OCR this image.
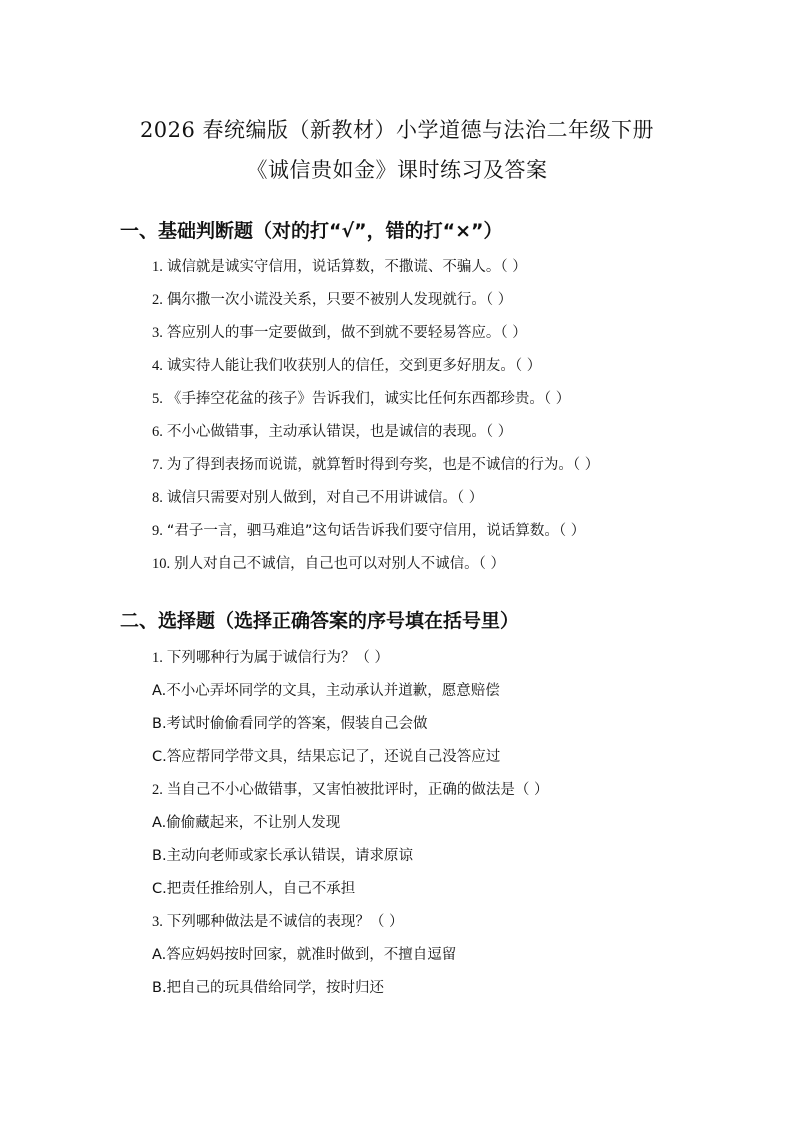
2026 春统编版（新教材）小学道德与法治二年级下册
《诚信贵如金》课时练习及答案
一、基础判断题（对的打“√”，错的打“×”）
1. 诚信就是诚实守信用，说话算数，不撒谎、不骗人。（ ）
2. 偶尔撒一次小谎没关系，只要不被别人发现就行。（ ）
3. 答应别人的事一定要做到，做不到就不要轻易答应。（ ）
4. 诚实待人能让我们收获别人的信任，交到更多好朋友。（ ）
5. 《手捧空花盆的孩子》告诉我们，诚实比任何东西都珍贵。（ ）
6. 不小心做错事，主动承认错误，也是诚信的表现。（ ）
7. 为了得到表扬而说谎，就算暂时得到夸奖，也是不诚信的行为。（ ）
8. 诚信只需要对别人做到，对自己不用讲诚信。（ ）
9. “君子一言，驷马难追”这句话告诉我们要守信用，说话算数。（ ）
10. 别人对自己不诚信，自己也可以对别人不诚信。（ ）
二、选择题（选择正确答案的序号填在括号里）
1. 下列哪种行为属于诚信行为？（ ）
A.不小心弄坏同学的文具，主动承认并道歉，愿意赔偿
B.考试时偷偷看同学的答案，假装自己会做
C.答应帮同学带文具，结果忘记了，还说自己没答应过
2. 当自己不小心做错事，又害怕被批评时，正确的做法是（ ）
A.偷偷藏起来，不让别人发现
B.主动向老师或家长承认错误，请求原谅
C.把责任推给别人，自己不承担
3. 下列哪种做法是不诚信的表现？（ ）
A.答应妈妈按时回家，就准时做到，不擅自逗留
B.把自己的玩具借给同学，按时归还
